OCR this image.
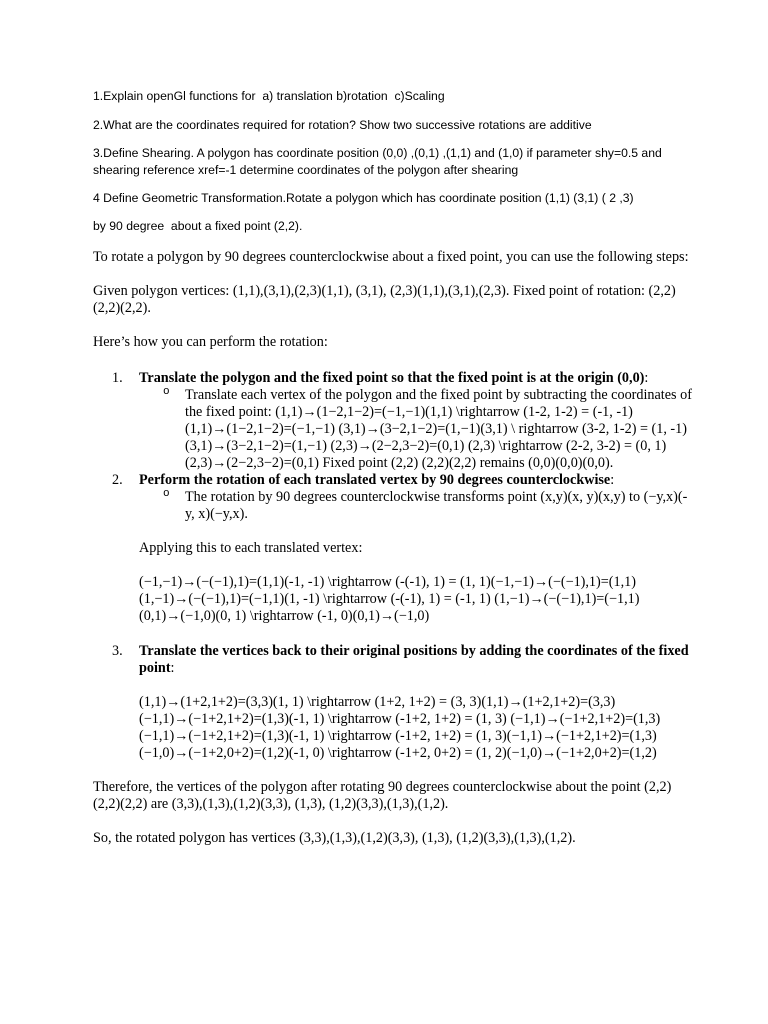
1.Explain openGl functions for  a) translation b)rotation  c)Scaling

2.What are the coordinates required for rotation? Show two successive rotations are additive

3.Define Shearing. A polygon has coordinate position (0,0) ,(0,1) ,(1,1) and (1,0) if parameter shy=0.5 and shearing reference xref=-1 determine coordinates of the polygon after shearing

4 Define Geometric Transformation.Rotate a polygon which has coordinate position (1,1) (3,1) ( 2 ,3)

by 90 degree  about a fixed point (2,2).

To rotate a polygon by 90 degrees counterclockwise about a fixed point, you can use the following steps:

Given polygon vertices: (1,1),(3,1),(2,3)(1,1), (3,1), (2,3)(1,1),(3,1),(2,3). Fixed point of rotation: (2,2)(2,2)(2,2).

Here’s how you can perform the rotation:

1. Translate the polygon and the fixed point so that the fixed point is at the origin (0,0):

o Translate each vertex of the polygon and the fixed point by subtracting the coordinates of the fixed point: (1,1)→(1−2,1−2)=(−1,−1)(1,1) \rightarrow (1-2, 1-2) = (-1, -1)(1,1)→(1−2,1−2)=(−1,−1) (3,1)→(3−2,1−2)=(1,−1)(3,1) \ rightarrow (3-2, 1-2) = (1, -1)(3,1)→(3−2,1−2)=(1,−1) (2,3)→(2−2,3−2)=(0,1) (2,3) \rightarrow (2-2, 3-2) = (0, 1)(2,3)→(2−2,3−2)=(0,1) Fixed point (2,2) (2,2)(2,2) remains (0,0)(0,0)(0,0).

2. Perform the rotation of each translated vertex by 90 degrees counterclockwise:

o The rotation by 90 degrees counterclockwise transforms point (x,y)(x, y)(x,y) to (−y,x)(-y, x)(−y,x).

Applying this to each translated vertex:

(−1,−1)→(−(−1),1)=(1,1)(-1, -1) \rightarrow (-(-1), 1) = (1, 1)(−1,−1)→(−(−1),1)=(1,1) (1,−1)→(−(−1),1)=(−1,1)(1, -1) \rightarrow (-(-1), 1) = (-1, 1) (1,−1)→(−(−1),1)=(−1,1) (0,1)→(−1,0)(0, 1) \rightarrow (-1, 0)(0,1)→(−1,0)

3. Translate the vertices back to their original positions by adding the coordinates of the fixed point:

(1,1)→(1+2,1+2)=(3,3)(1, 1) \rightarrow (1+2, 1+2) = (3, 3)(1,1)→(1+2,1+2)=(3,3) (−1,1)→(−1+2,1+2)=(1,3)(-1, 1) \rightarrow (-1+2, 1+2) = (1, 3) (−1,1)→(−1+2,1+2)=(1,3) (−1,1)→(−1+2,1+2)=(1,3)(-1, 1) \rightarrow (-1+2, 1+2) = (1, 3)(−1,1)→(−1+2,1+2)=(1,3) (−1,0)→(−1+2,0+2)=(1,2)(-1, 0) \rightarrow (-1+2, 0+2) = (1, 2)(−1,0)→(−1+2,0+2)=(1,2)

Therefore, the vertices of the polygon after rotating 90 degrees counterclockwise about the point (2,2)(2,2)(2,2) are (3,3),(1,3),(1,2)(3,3), (1,3), (1,2)(3,3),(1,3),(1,2).

So, the rotated polygon has vertices (3,3),(1,3),(1,2)(3,3), (1,3), (1,2)(3,3),(1,3),(1,2).
